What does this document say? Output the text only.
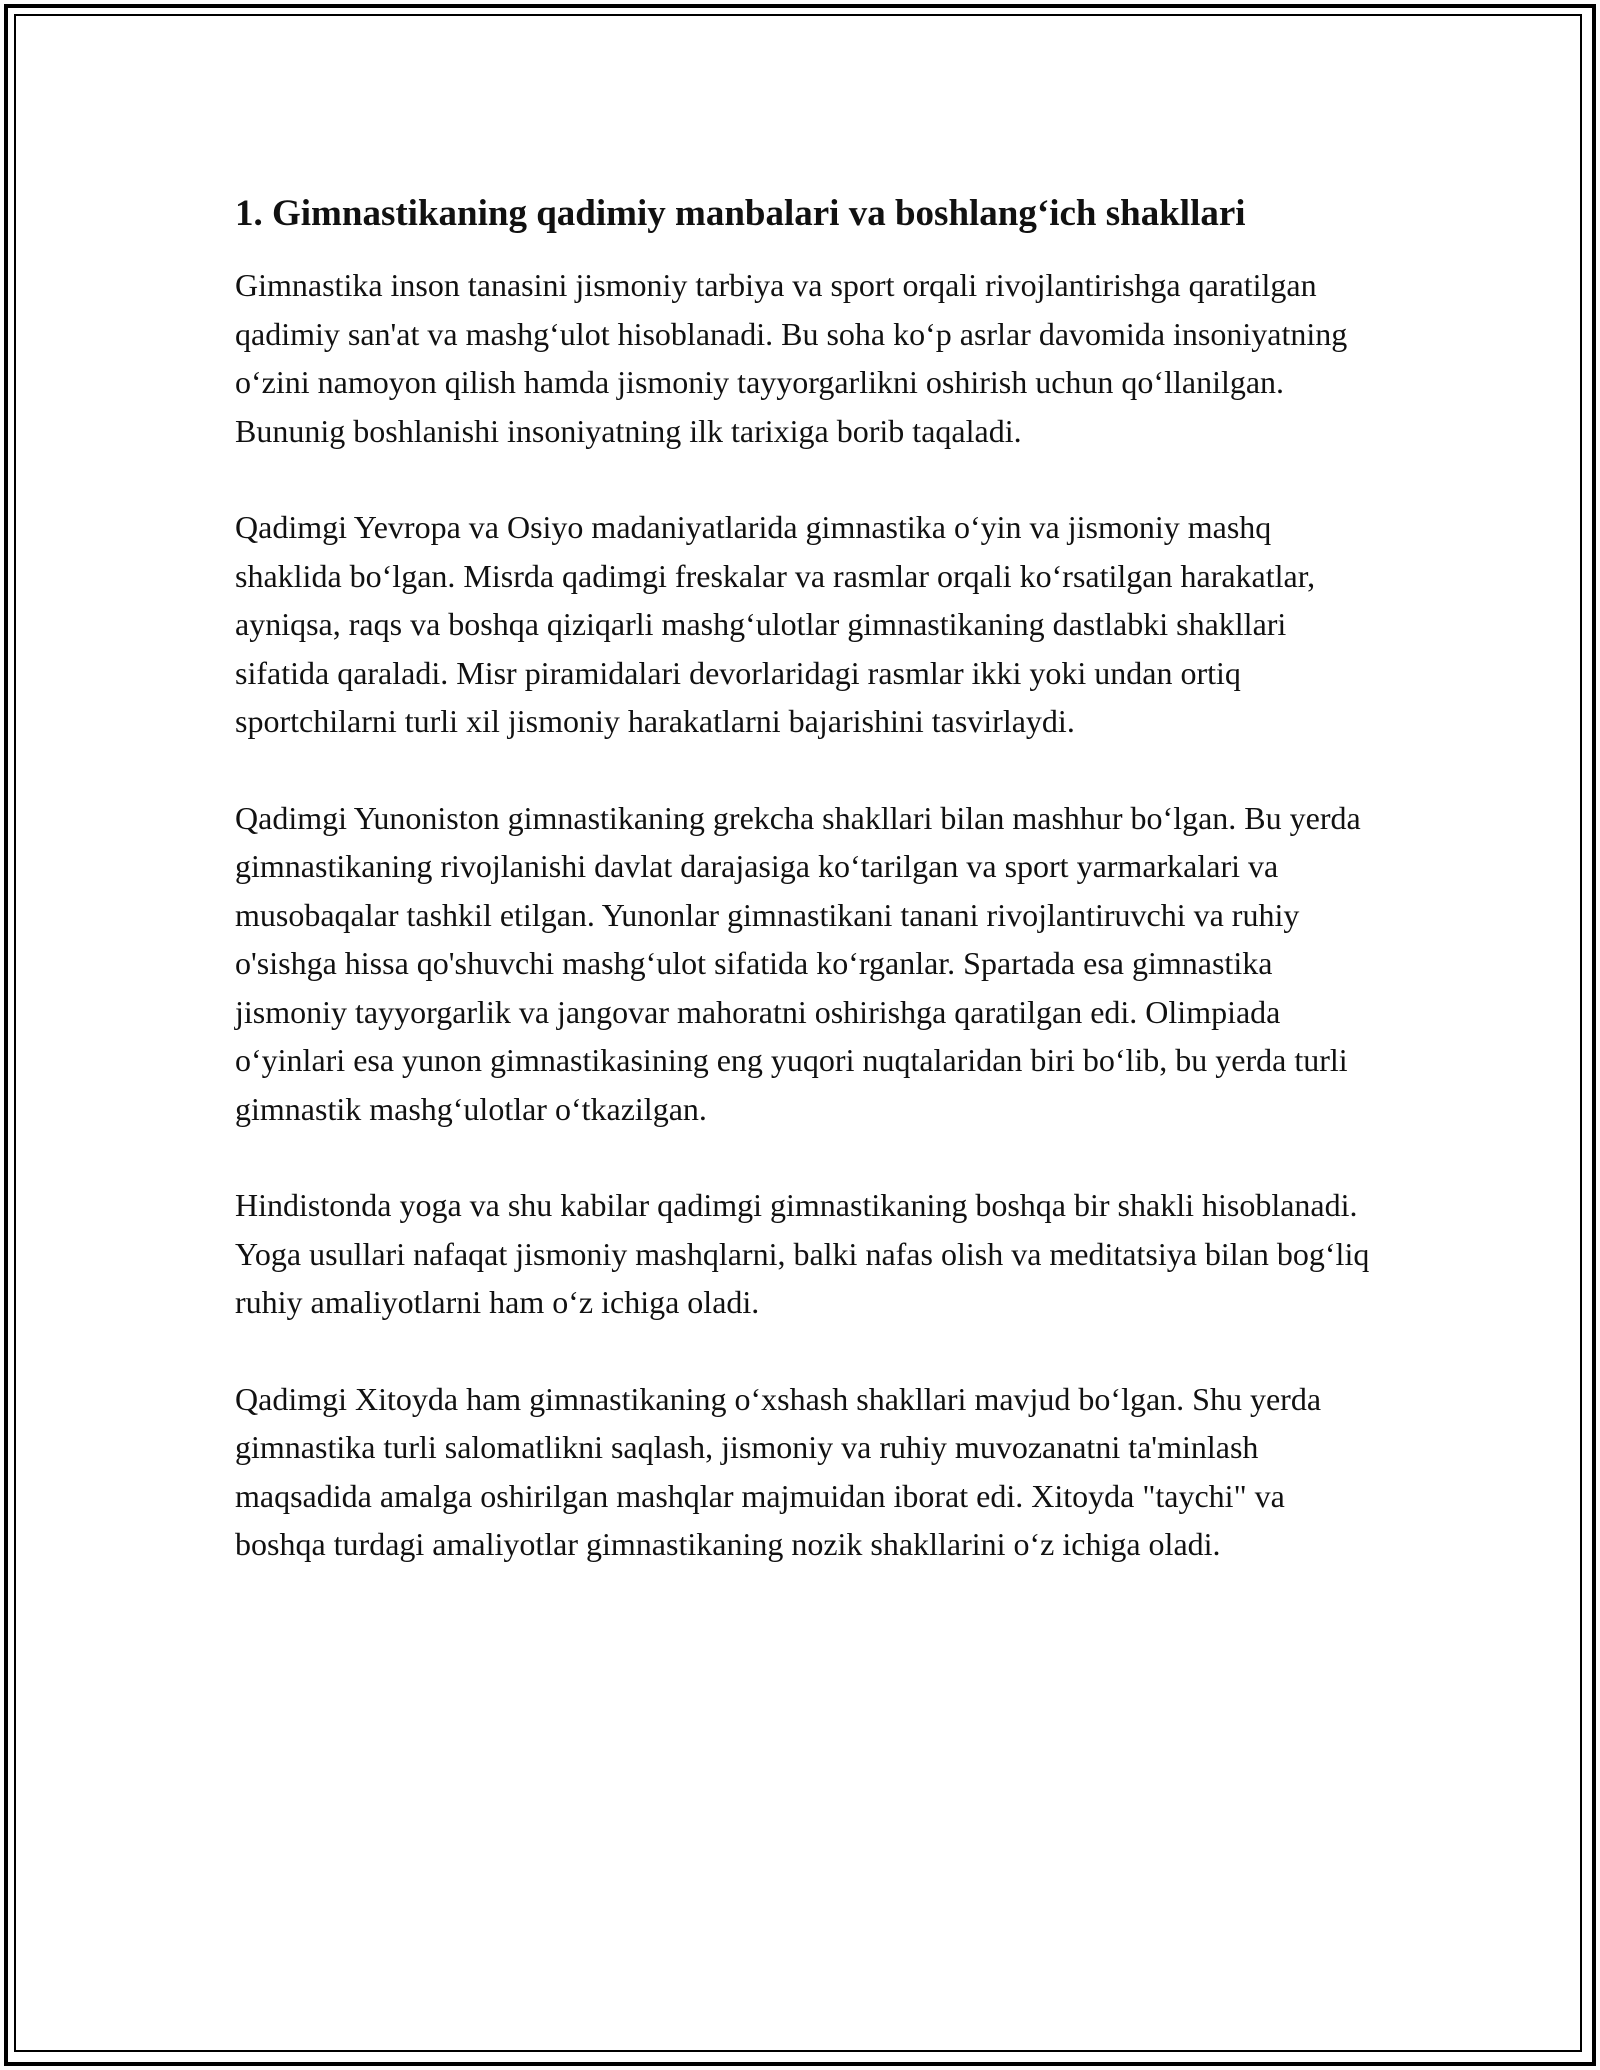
1. Gimnastikaning qadimiy manbalari va boshlang‘ich shakllari

Gimnastika inson tanasini jismoniy tarbiya va sport orqali rivojlantirishga qaratilgan qadimiy san'at va mashg‘ulot hisoblanadi. Bu soha ko‘p asrlar davomida insoniyatning o‘zini namoyon qilish hamda jismoniy tayyorgarlikni oshirish uchun qo‘llanilgan. Bununig boshlanishi insoniyatning ilk tarixiga borib taqaladi.

Qadimgi Yevropa va Osiyo madaniyatlarida gimnastika o‘yin va jismoniy mashq shaklida bo‘lgan. Misrda qadimgi freskalar va rasmlar orqali ko‘rsatilgan harakatlar, ayniqsa, raqs va boshqa qiziqarli mashg‘ulotlar gimnastikaning dastlabki shakllari sifatida qaraladi. Misr piramidalari devorlaridagi rasmlar ikki yoki undan ortiq sportchilarni turli xil jismoniy harakatlarni bajarishini tasvirlaydi.

Qadimgi Yunoniston gimnastikaning grekcha shakllari bilan mashhur bo‘lgan. Bu yerda gimnastikaning rivojlanishi davlat darajasiga ko‘tarilgan va sport yarmarkalari va musobaqalar tashkil etilgan. Yunonlar gimnastikani tanani rivojlantiruvchi va ruhiy o'sishga hissa qo'shuvchi mashg‘ulot sifatida ko‘rganlar. Spartada esa gimnastika jismoniy tayyorgarlik va jangovar mahoratni oshirishga qaratilgan edi. Olimpiada o‘yinlari esa yunon gimnastikasining eng yuqori nuqtalaridan biri bo‘lib, bu yerda turli gimnastik mashg‘ulotlar o‘tkazilgan.

Hindistonda yoga va shu kabilar qadimgi gimnastikaning boshqa bir shakli hisoblanadi. Yoga usullari nafaqat jismoniy mashqlarni, balki nafas olish va meditatsiya bilan bog‘liq ruhiy amaliyotlarni ham o‘z ichiga oladi.

Qadimgi Xitoyda ham gimnastikaning o‘xshash shakllari mavjud bo‘lgan. Shu yerda gimnastika turli salomatlikni saqlash, jismoniy va ruhiy muvozanatni ta'minlash maqsadida amalga oshirilgan mashqlar majmuidan iborat edi. Xitoyda "taychi" va boshqa turdagi amaliyotlar gimnastikaning nozik shakllarini o‘z ichiga oladi.
